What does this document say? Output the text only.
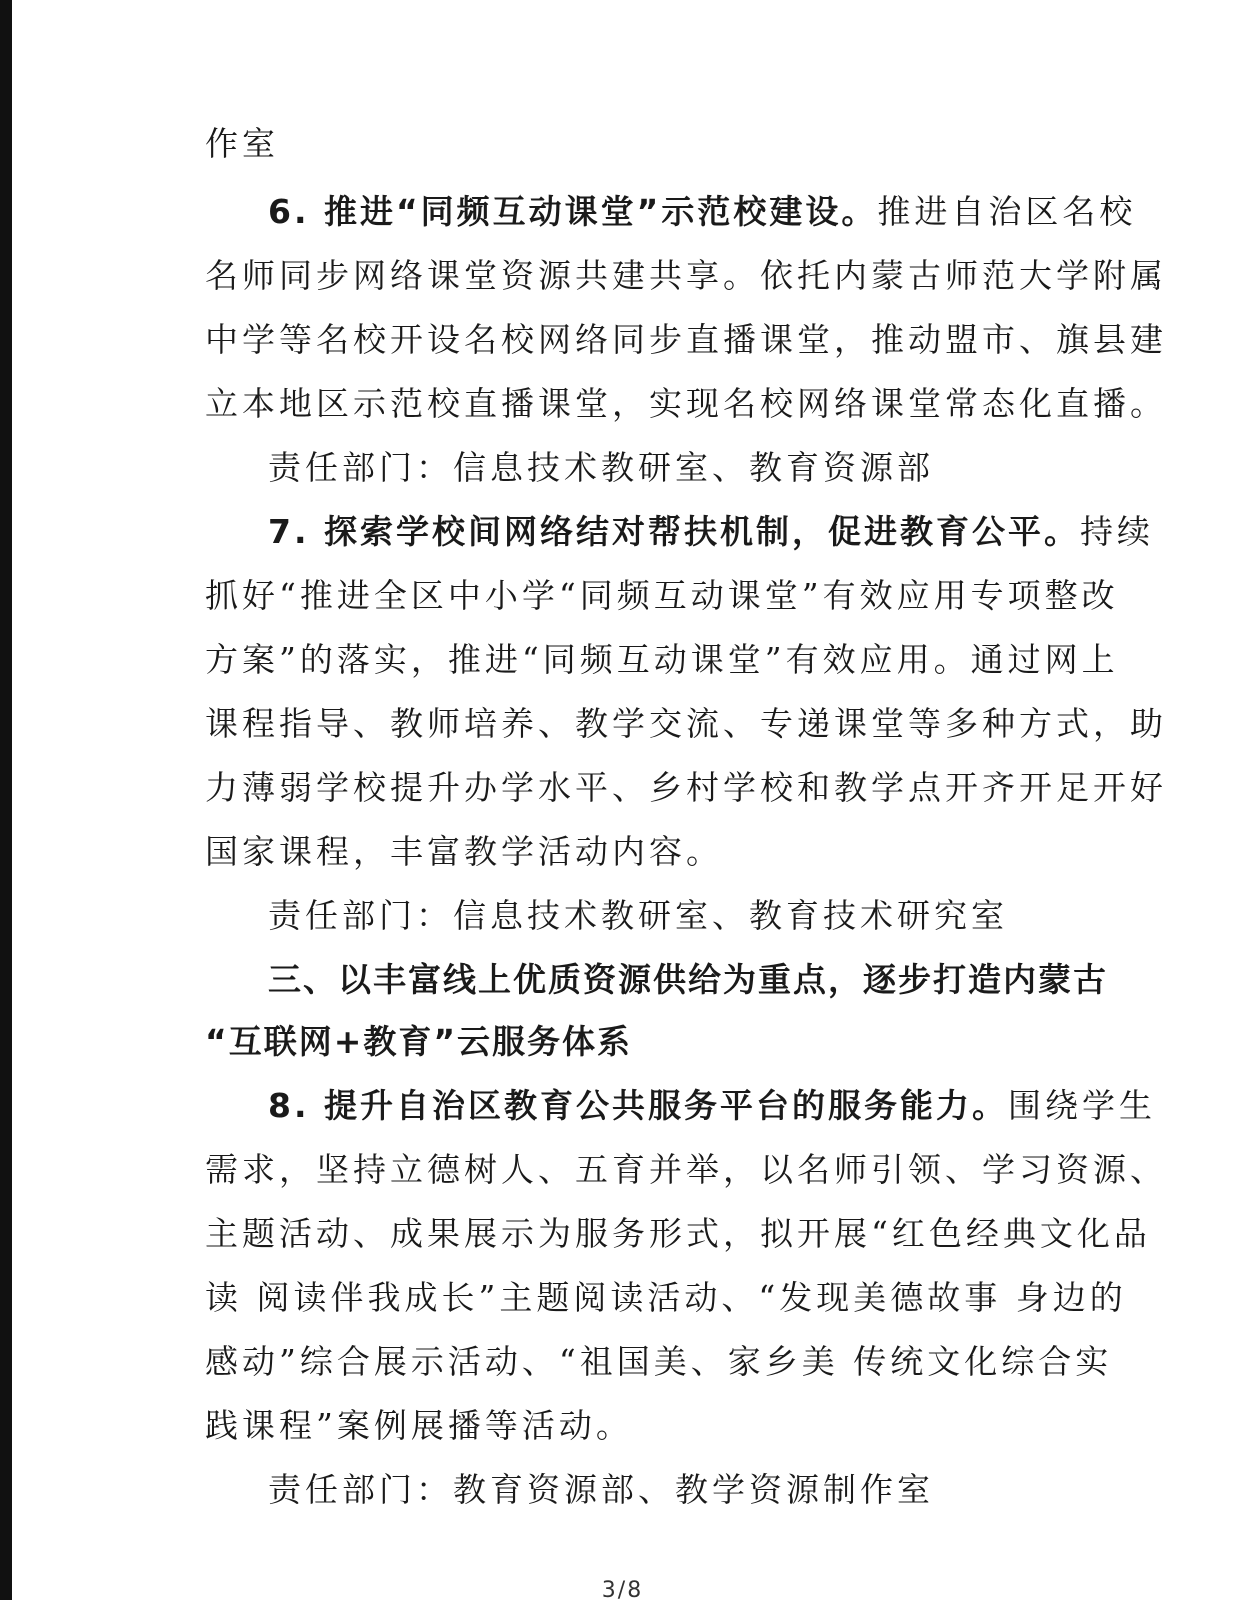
作室
6. 推进“同频互动课堂”示范校建设。推进自治区名校
名师同步网络课堂资源共建共享。依托内蒙古师范大学附属
中学等名校开设名校网络同步直播课堂，推动盟市、旗县建
立本地区示范校直播课堂，实现名校网络课堂常态化直播。
责任部门：信息技术教研室、教育资源部
7. 探索学校间网络结对帮扶机制，促进教育公平。持续
抓好“推进全区中小学“同频互动课堂”有效应用专项整改
方案”的落实，推进“同频互动课堂”有效应用。通过网上
课程指导、教师培养、教学交流、专递课堂等多种方式，助
力薄弱学校提升办学水平、乡村学校和教学点开齐开足开好
国家课程，丰富教学活动内容。
责任部门：信息技术教研室、教育技术研究室
三、以丰富线上优质资源供给为重点，逐步打造内蒙古
“互联网+教育”云服务体系
8. 提升自治区教育公共服务平台的服务能力。围绕学生
需求，坚持立德树人、五育并举，以名师引领、学习资源、
主题活动、成果展示为服务形式，拟开展“红色经典文化品
读 阅读伴我成长”主题阅读活动、“发现美德故事 身边的
感动”综合展示活动、“祖国美、家乡美 传统文化综合实
践课程”案例展播等活动。
责任部门：教育资源部、教学资源制作室
3/8
